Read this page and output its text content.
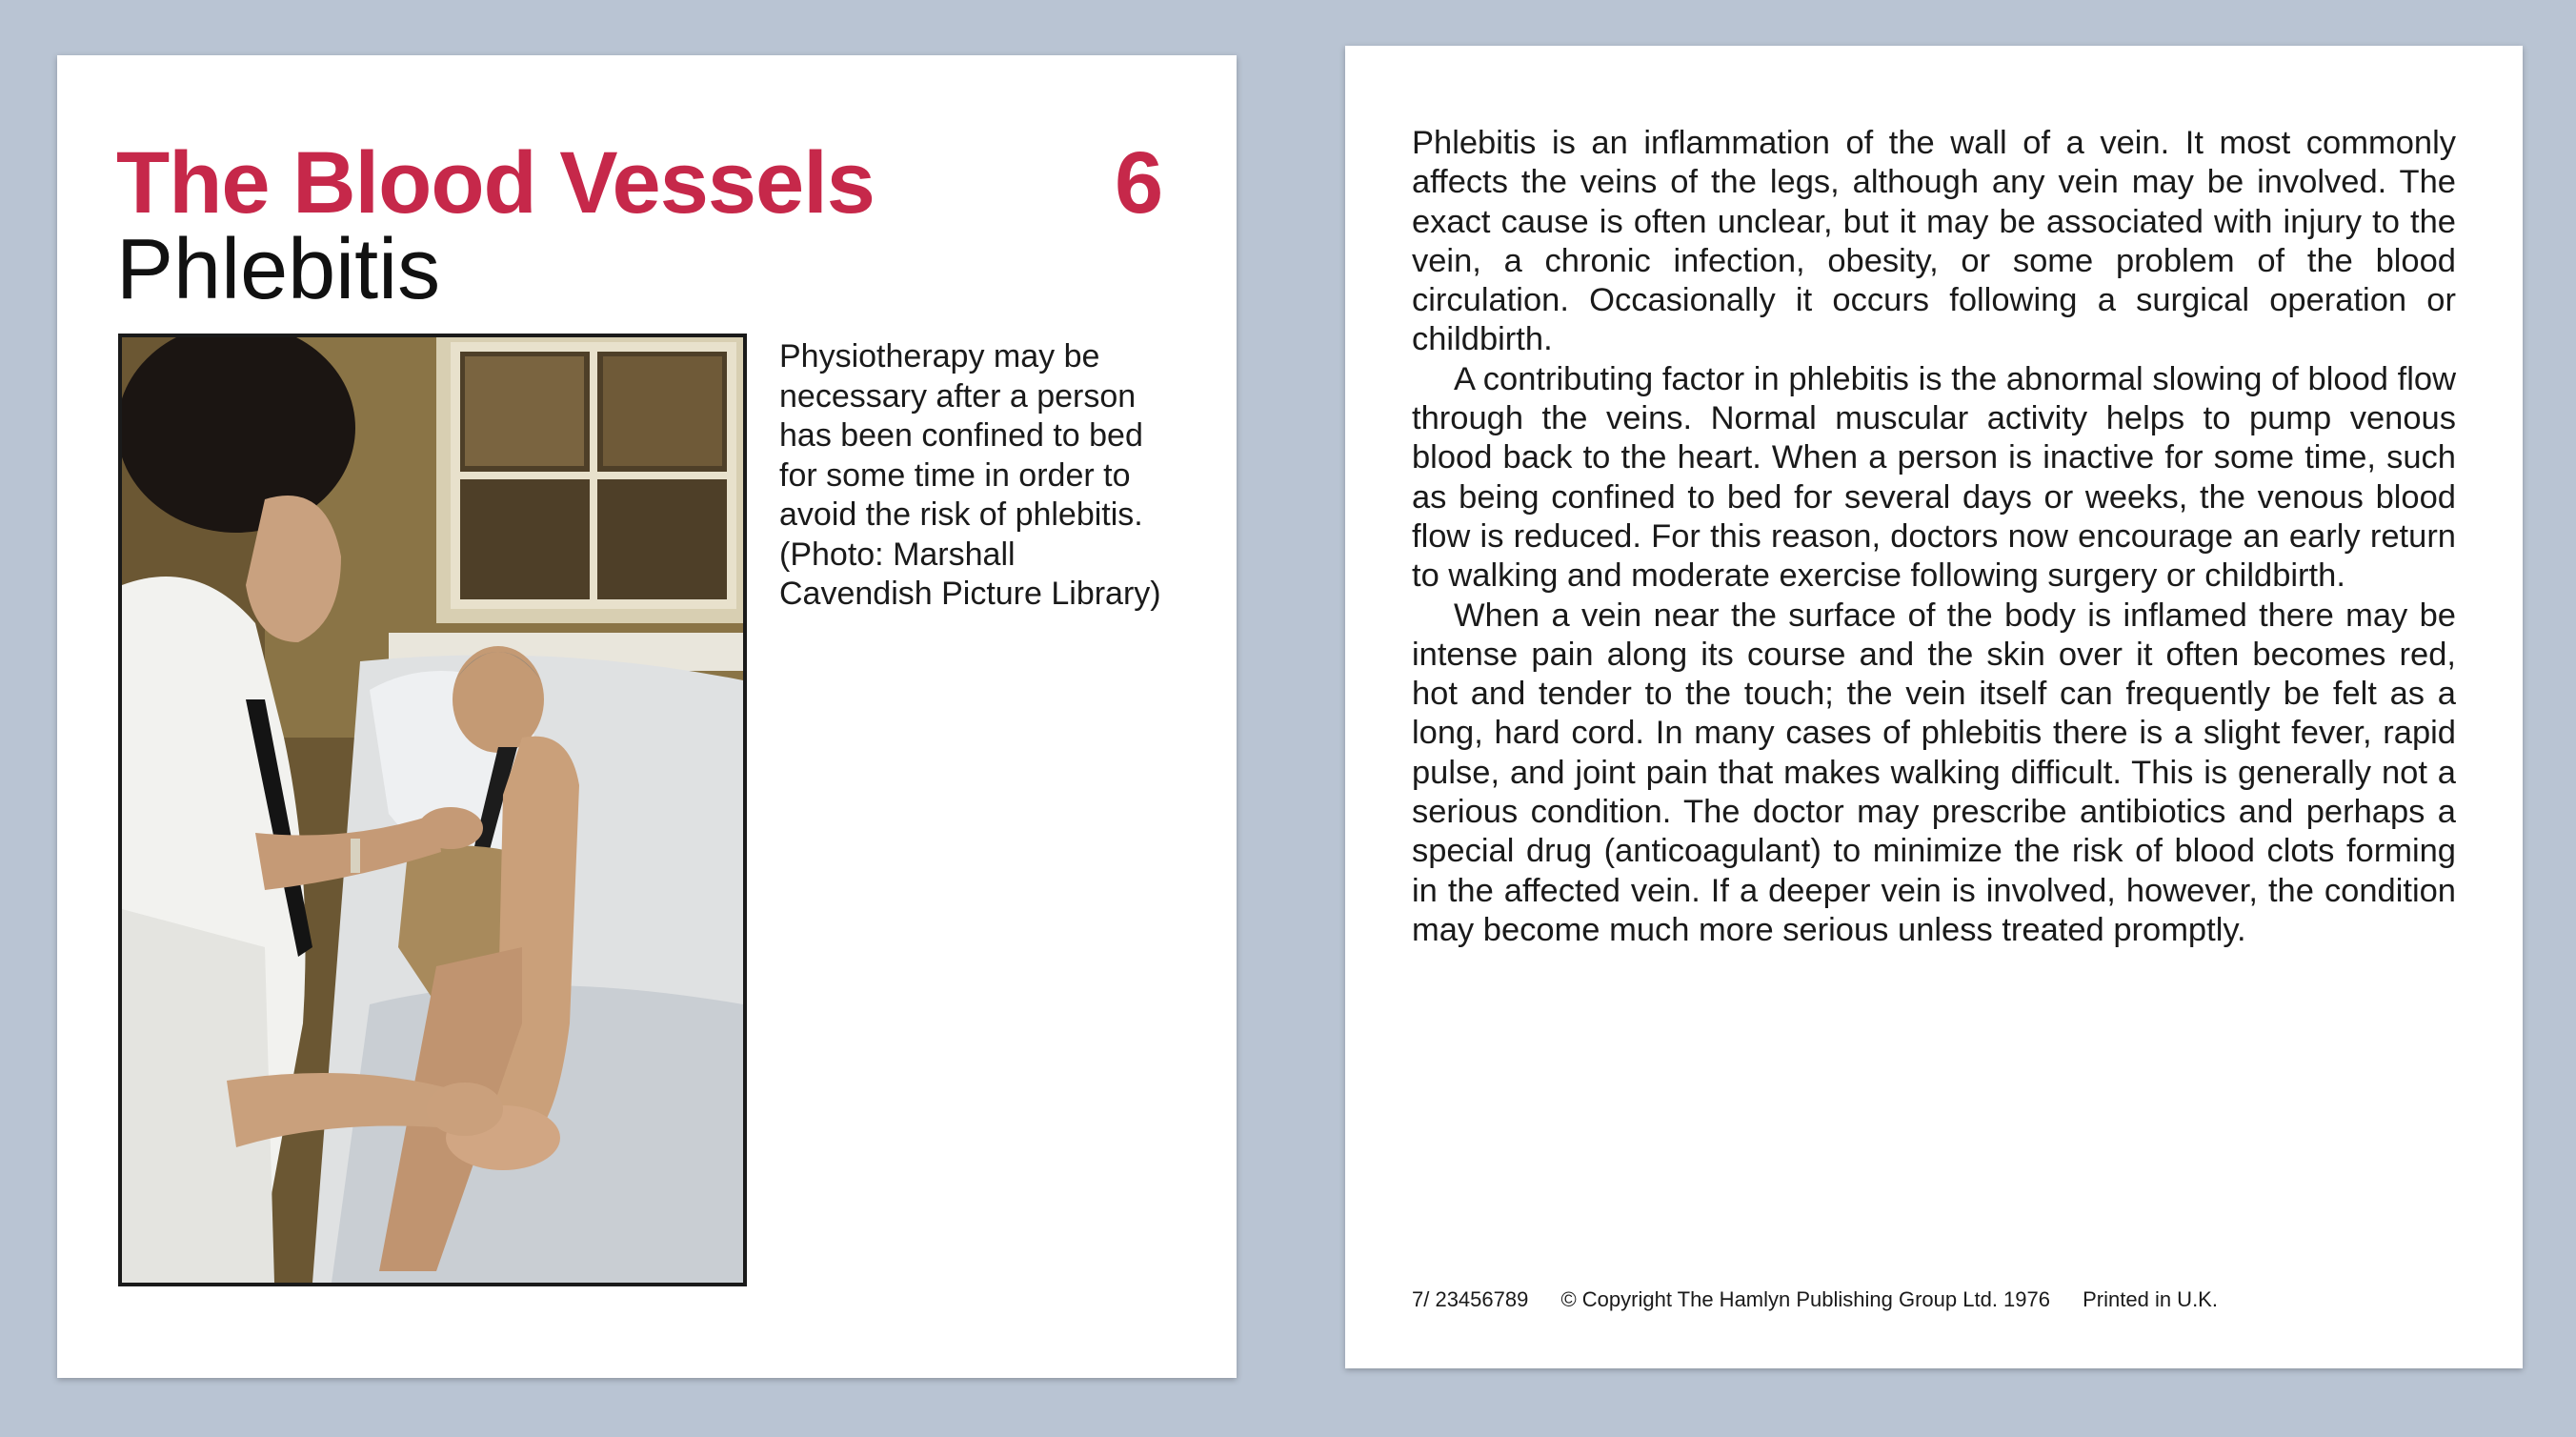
The Blood Vessels	6
Phlebitis
Physiotherapy may be necessary after a person has been confined to bed for some time in order to avoid the risk of phlebitis. (Photo: Marshall Cavendish Picture Library)

Phlebitis is an inflammation of the wall of a vein. It most commonly affects the veins of the legs, although any vein may be involved. The exact cause is often unclear, but it may be associated with injury to the vein, a chronic infection, obesity, or some problem of the blood circulation. Occasionally it occurs following a surgical operation or childbirth.

A contributing factor in phlebitis is the abnormal slowing of blood flow through the veins. Normal muscular activity helps to pump venous blood back to the heart. When a person is inactive for some time, such as being confined to bed for several days or weeks, the venous blood flow is reduced. For this reason, doctors now encourage an early return to walking and moderate exercise following surgery or childbirth.

When a vein near the surface of the body is inflamed there may be intense pain along its course and the skin over it often becomes red, hot and tender to the touch; the vein itself can frequently be felt as a long, hard cord. In many cases of phlebitis there is a slight fever, rapid pulse, and joint pain that makes walking difficult. This is generally not a serious condition. The doctor may prescribe antibiotics and perhaps a special drug (anticoagulant) to minimize the risk of blood clots forming in the affected vein. If a deeper vein is involved, however, the condition may become much more serious unless treated promptly.

7/ 23456789 © Copyright The Hamlyn Publishing Group Ltd. 1976 Printed in U.K.
